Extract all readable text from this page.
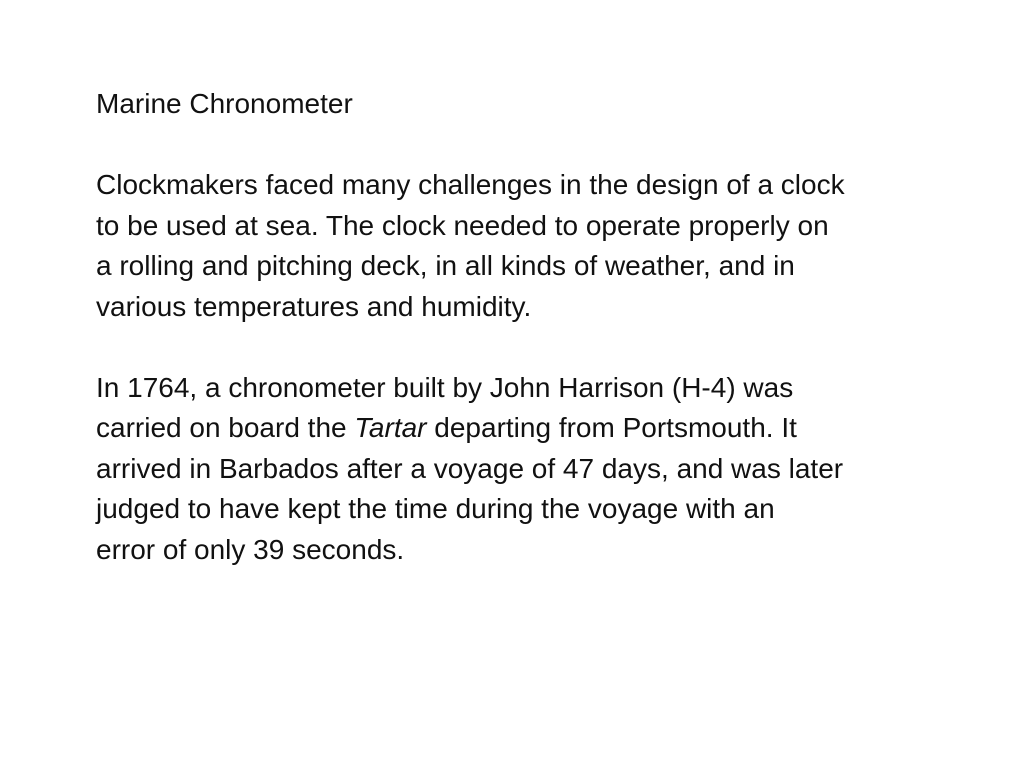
Marine Chronometer
Clockmakers faced many challenges in the design of a clock
to be used at sea. The clock needed to operate properly on
a rolling and pitching deck, in all kinds of weather, and in
various temperatures and humidity.
In 1764, a chronometer built by John Harrison (H-4) was
carried on board the Tartar departing from Portsmouth. It
arrived in Barbados after a voyage of 47 days, and was later
judged to have kept the time during the voyage with an
error of only 39 seconds.
